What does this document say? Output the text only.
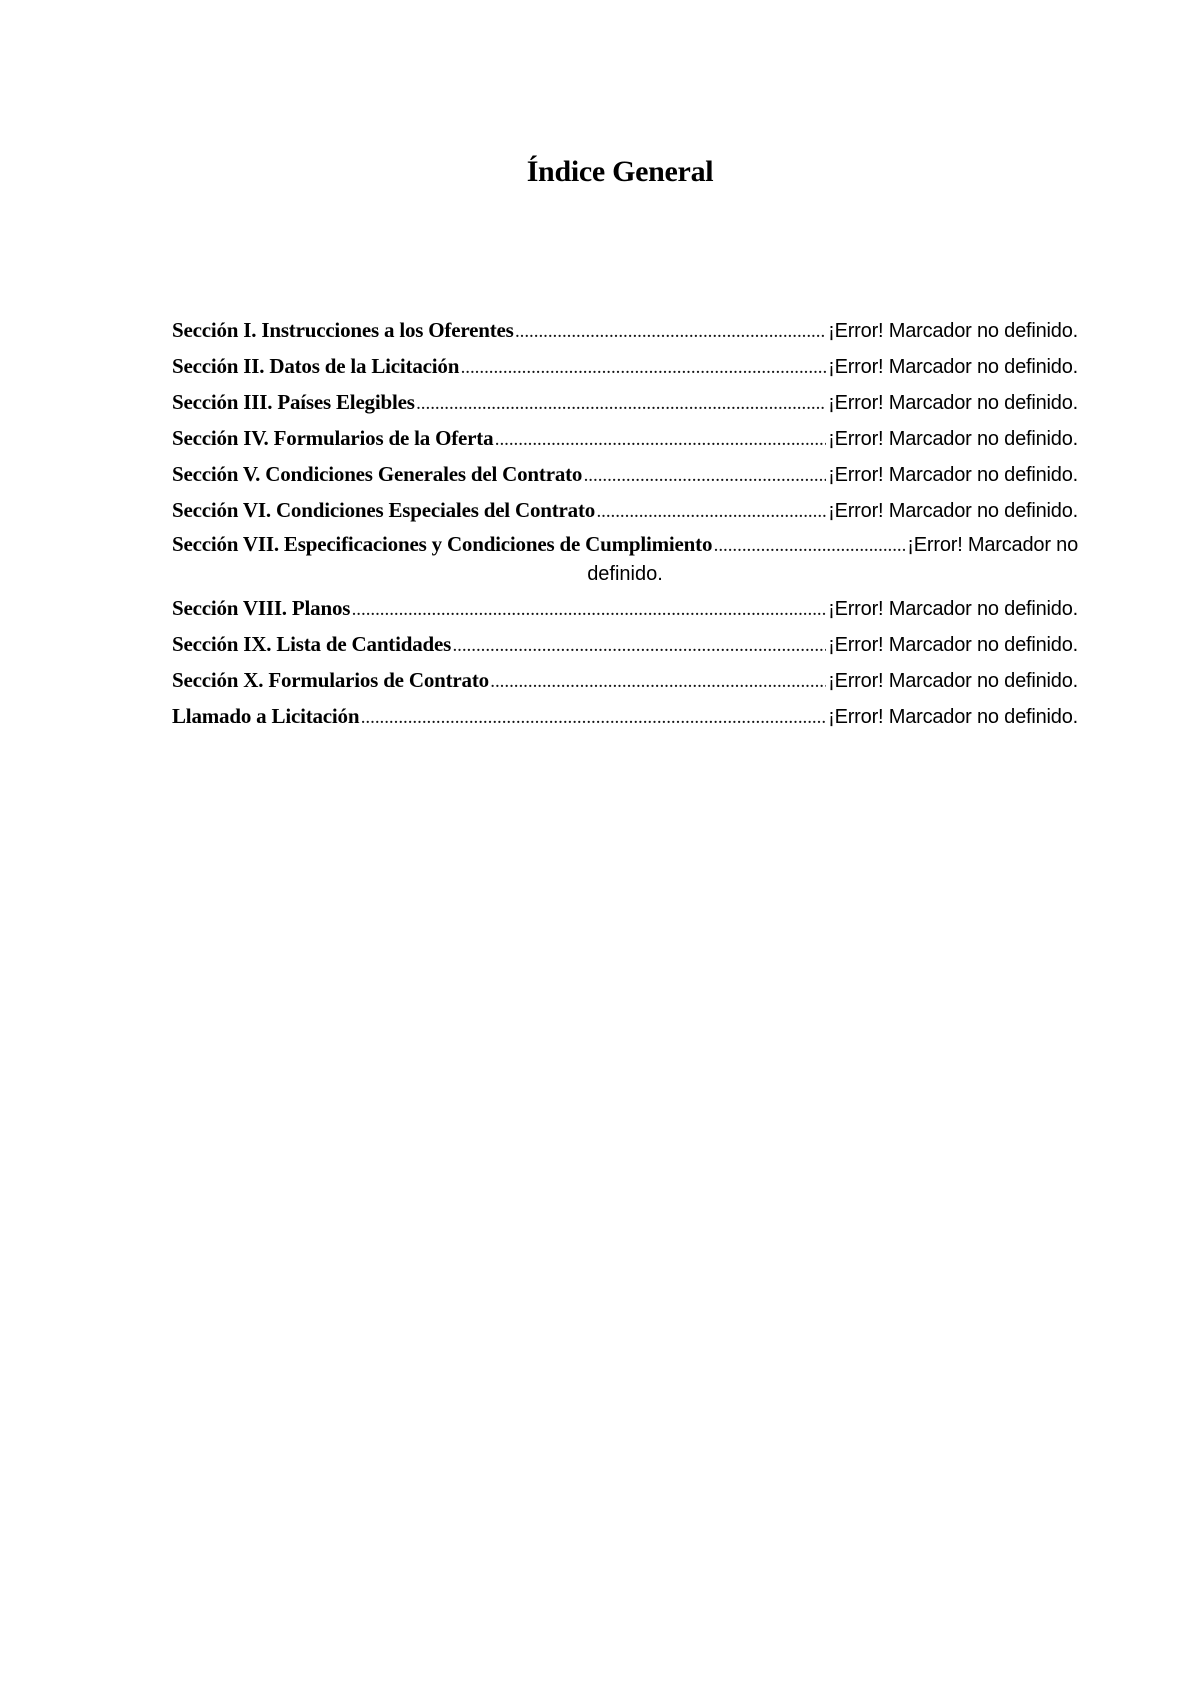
Índice General
Sección I. Instrucciones a los Oferentes .....	¡Error! Marcador no definido.
Sección II. Datos de la Licitación .....	¡Error! Marcador no definido.
Sección III. Países Elegibles .....	¡Error! Marcador no definido.
Sección IV. Formularios de la Oferta .....	¡Error! Marcador no definido.
Sección V. Condiciones Generales del Contrato .....	¡Error! Marcador no definido.
Sección VI. Condiciones Especiales del Contrato .....	¡Error! Marcador no definido.
Sección VII. Especificaciones y Condiciones de Cumplimiento .....	¡Error! Marcador no
definido.
Sección VIII. Planos .....	¡Error! Marcador no definido.
Sección IX. Lista de Cantidades .....	¡Error! Marcador no definido.
Sección X. Formularios de Contrato .....	¡Error! Marcador no definido.
Llamado a Licitación .....	¡Error! Marcador no definido.
